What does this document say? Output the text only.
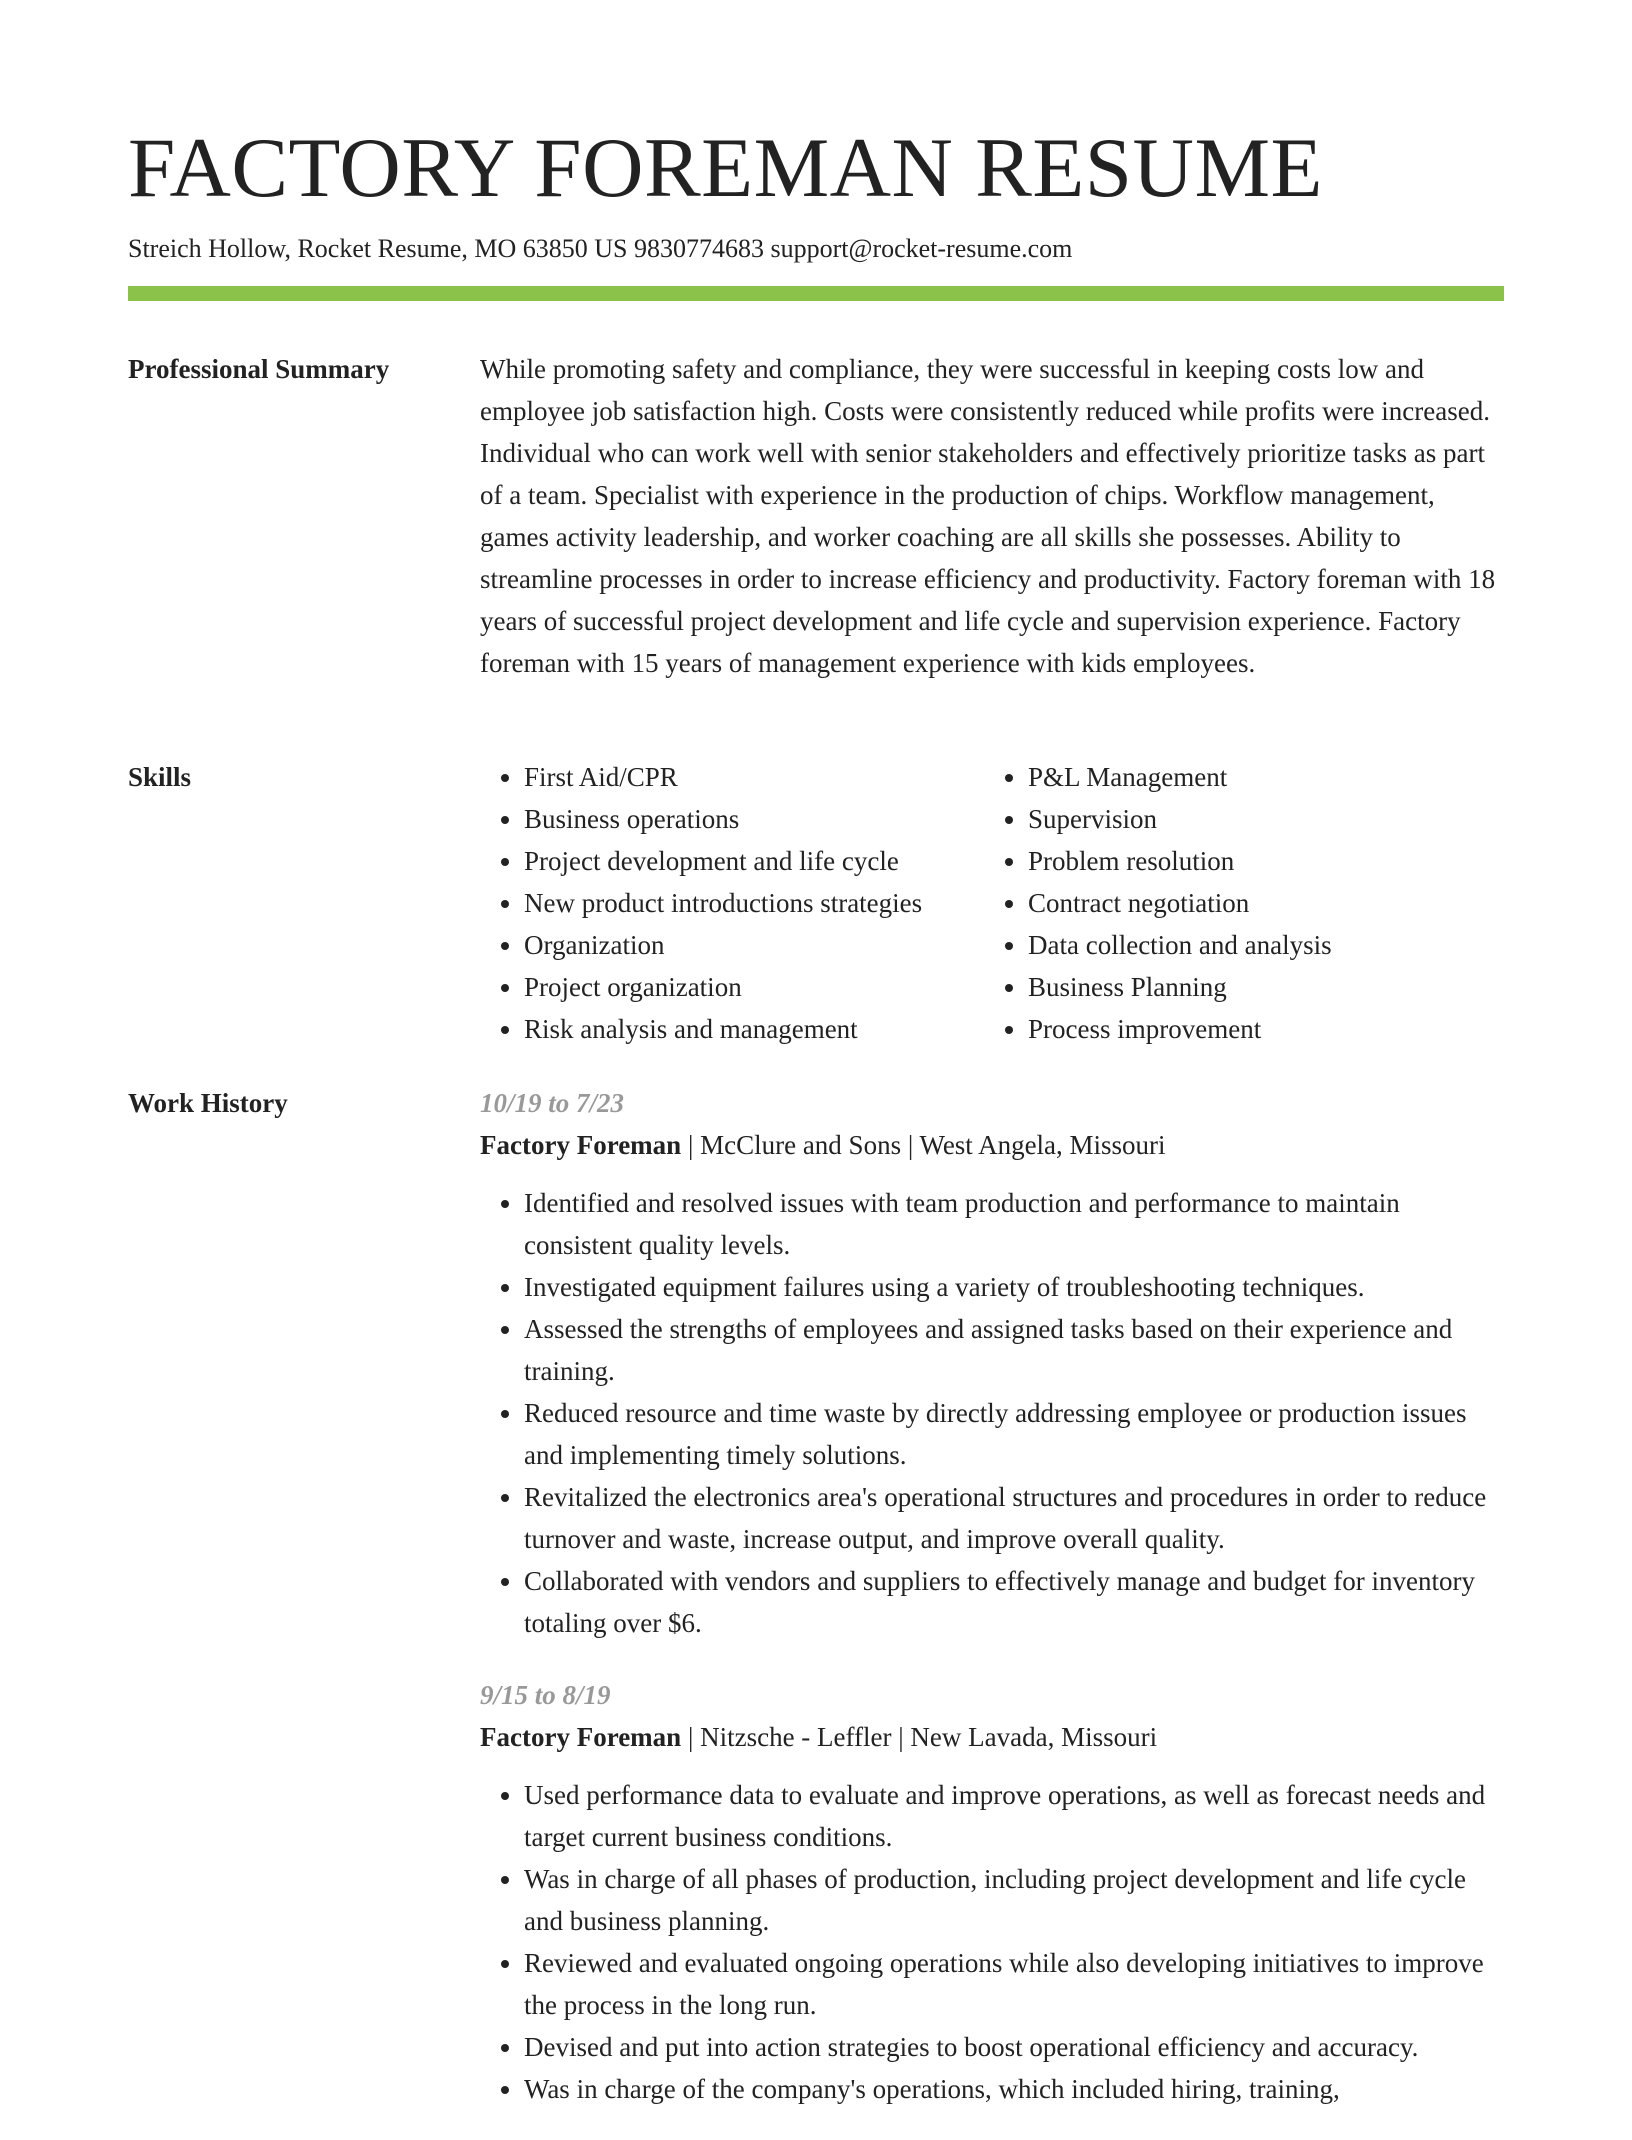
FACTORY FOREMAN RESUME
Streich Hollow, Rocket Resume, MO 63850 US 9830774683 support@rocket-resume.com
Professional Summary	While promoting safety and compliance, they were successful in keeping costs low and employee job satisfaction high. Costs were consistently reduced while profits were increased. Individual who can work well with senior stakeholders and effectively prioritize tasks as part of a team. Specialist with experience in the production of chips. Workflow management, games activity leadership, and worker coaching are all skills she possesses. Ability to streamline processes in order to increase efficiency and productivity. Factory foreman with 18 years of successful project development and life cycle and supervision experience. Factory foreman with 15 years of management experience with kids employees.

Skills
•	First Aid/CPR
• Business operations
• Project development and life cycle
• New product introductions strategies
• Organization
• Project organization
• Risk analysis and management
• P&L Management
• Supervision
• Problem resolution
• Contract negotiation
• Data collection and analysis
• Business Planning
• Process improvement
Work History	10/19 to 7/23
Factory Foreman | McClure and Sons | West Angela, Missouri
• Identified and resolved issues with team production and performance to maintain consistent quality levels.
• Investigated equipment failures using a variety of troubleshooting techniques.
• Assessed the strengths of employees and assigned tasks based on their experience and training.
• Reduced resource and time waste by directly addressing employee or production issues and implementing timely solutions.
• Revitalized the electronics area's operational structures and procedures in order to reduce turnover and waste, increase output, and improve overall quality.
• Collaborated with vendors and suppliers to effectively manage and budget for inventory totaling over $6.
9/15 to 8/19
Factory Foreman | Nitzsche - Leffler | New Lavada, Missouri
• Used performance data to evaluate and improve operations, as well as forecast needs and target current business conditions.
• Was in charge of all phases of production, including project development and life cycle and business planning.
• Reviewed and evaluated ongoing operations while also developing initiatives to improve the process in the long run.
• Devised and put into action strategies to boost operational efficiency and accuracy.
• Was in charge of the company's operations, which included hiring, training,
